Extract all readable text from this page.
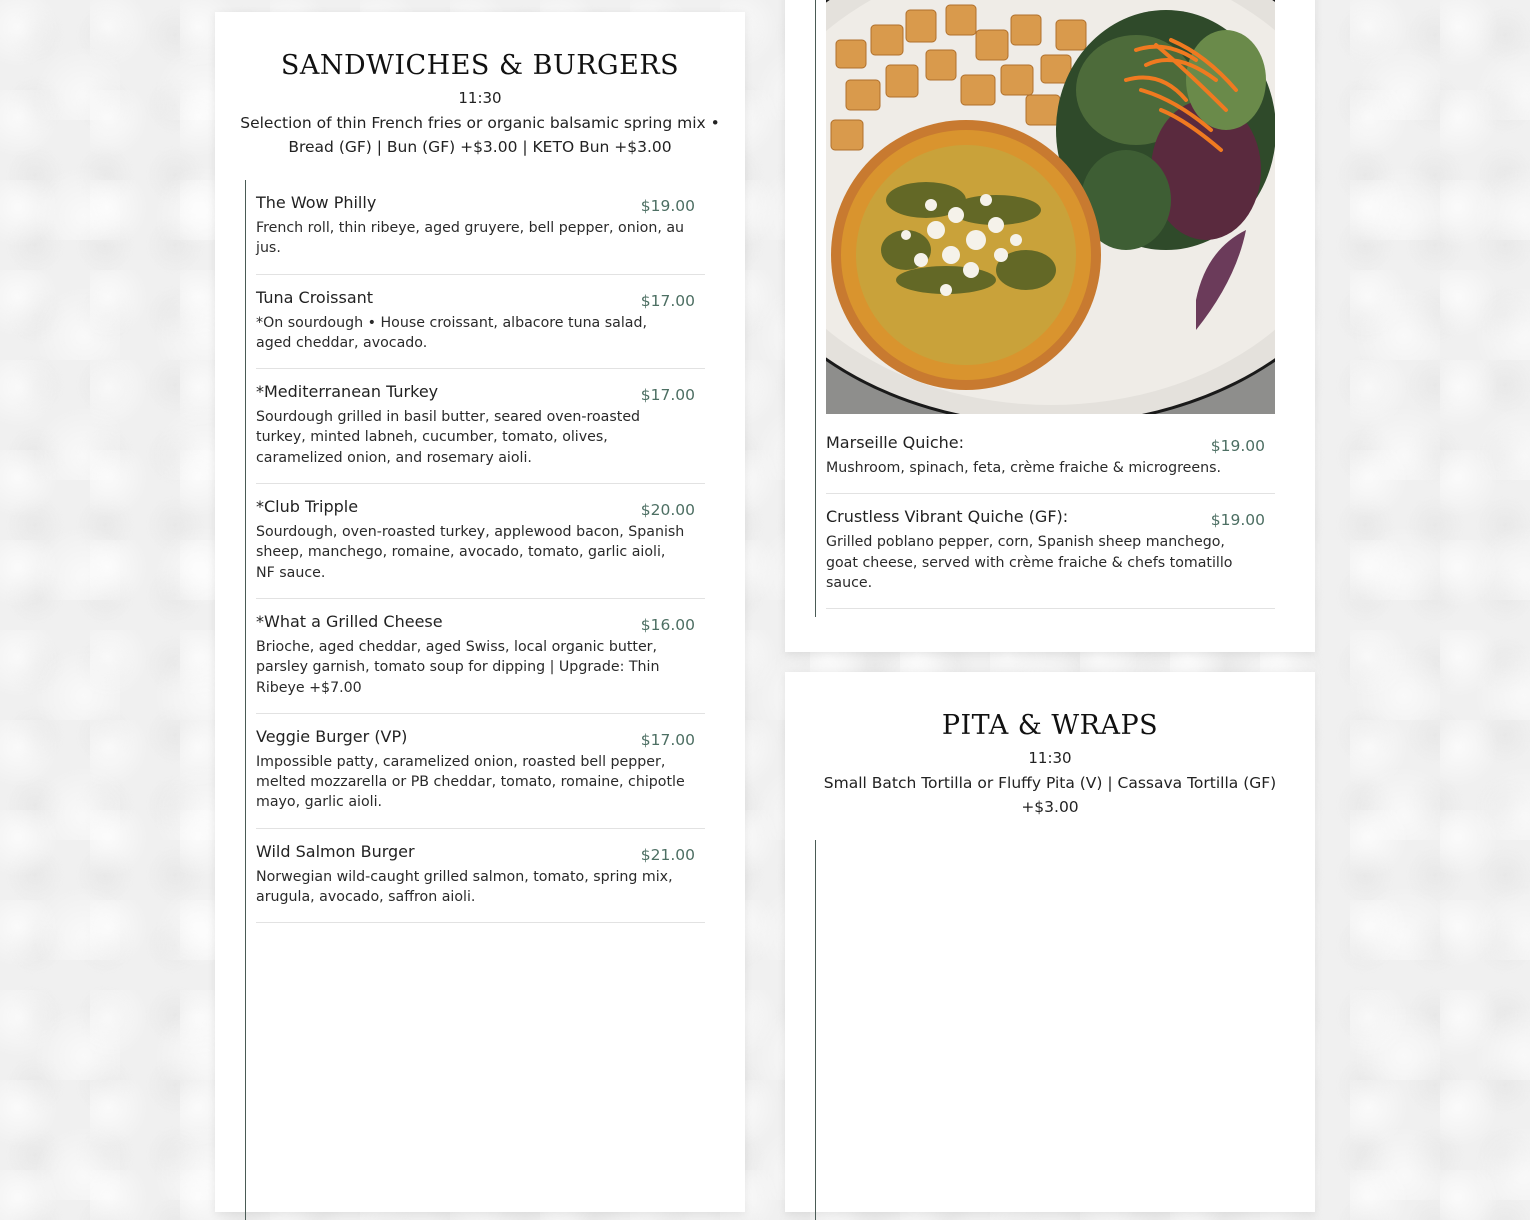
SANDWICHES & BURGERS
11:30
Selection of thin French fries or organic balsamic spring mix • Bread (GF) | Bun (GF) +$3.00 | KETO Bun +$3.00
The Wow Philly	$19.00
French roll, thin ribeye, aged gruyere, bell pepper, onion, au jus.
Tuna Croissant	$17.00
*On sourdough • House croissant, albacore tuna salad, aged cheddar, avocado.
*Mediterranean Turkey	$17.00
Sourdough grilled in basil butter, seared oven-roasted turkey, minted labneh, cucumber, tomato, olives, caramelized onion, and rosemary aioli.
*Club Tripple	$20.00
Sourdough, oven-roasted turkey, applewood bacon, Spanish sheep, manchego, romaine, avocado, tomato, garlic aioli, NF sauce.
*What a Grilled Cheese	$16.00
Brioche, aged cheddar, aged Swiss, local organic butter, parsley garnish, tomato soup for dipping | Upgrade: Thin Ribeye +$7.00
Veggie Burger (VP)	$17.00
Impossible patty, caramelized onion, roasted bell pepper, melted mozzarella or PB cheddar, tomato, romaine, chipotle mayo, garlic aioli.
Wild Salmon Burger	$21.00
Norwegian wild-caught grilled salmon, tomato, spring mix, arugula, avocado, saffron aioli.
Marseille Quiche:	$19.00
Mushroom, spinach, feta, crème fraiche & microgreens.
Crustless Vibrant Quiche (GF):	$19.00
Grilled poblano pepper, corn, Spanish sheep manchego, goat cheese, served with crème fraiche & chefs tomatillo sauce.
PITA & WRAPS
11:30
Small Batch Tortilla or Fluffy Pita (V) | Cassava Tortilla (GF) +$3.00
